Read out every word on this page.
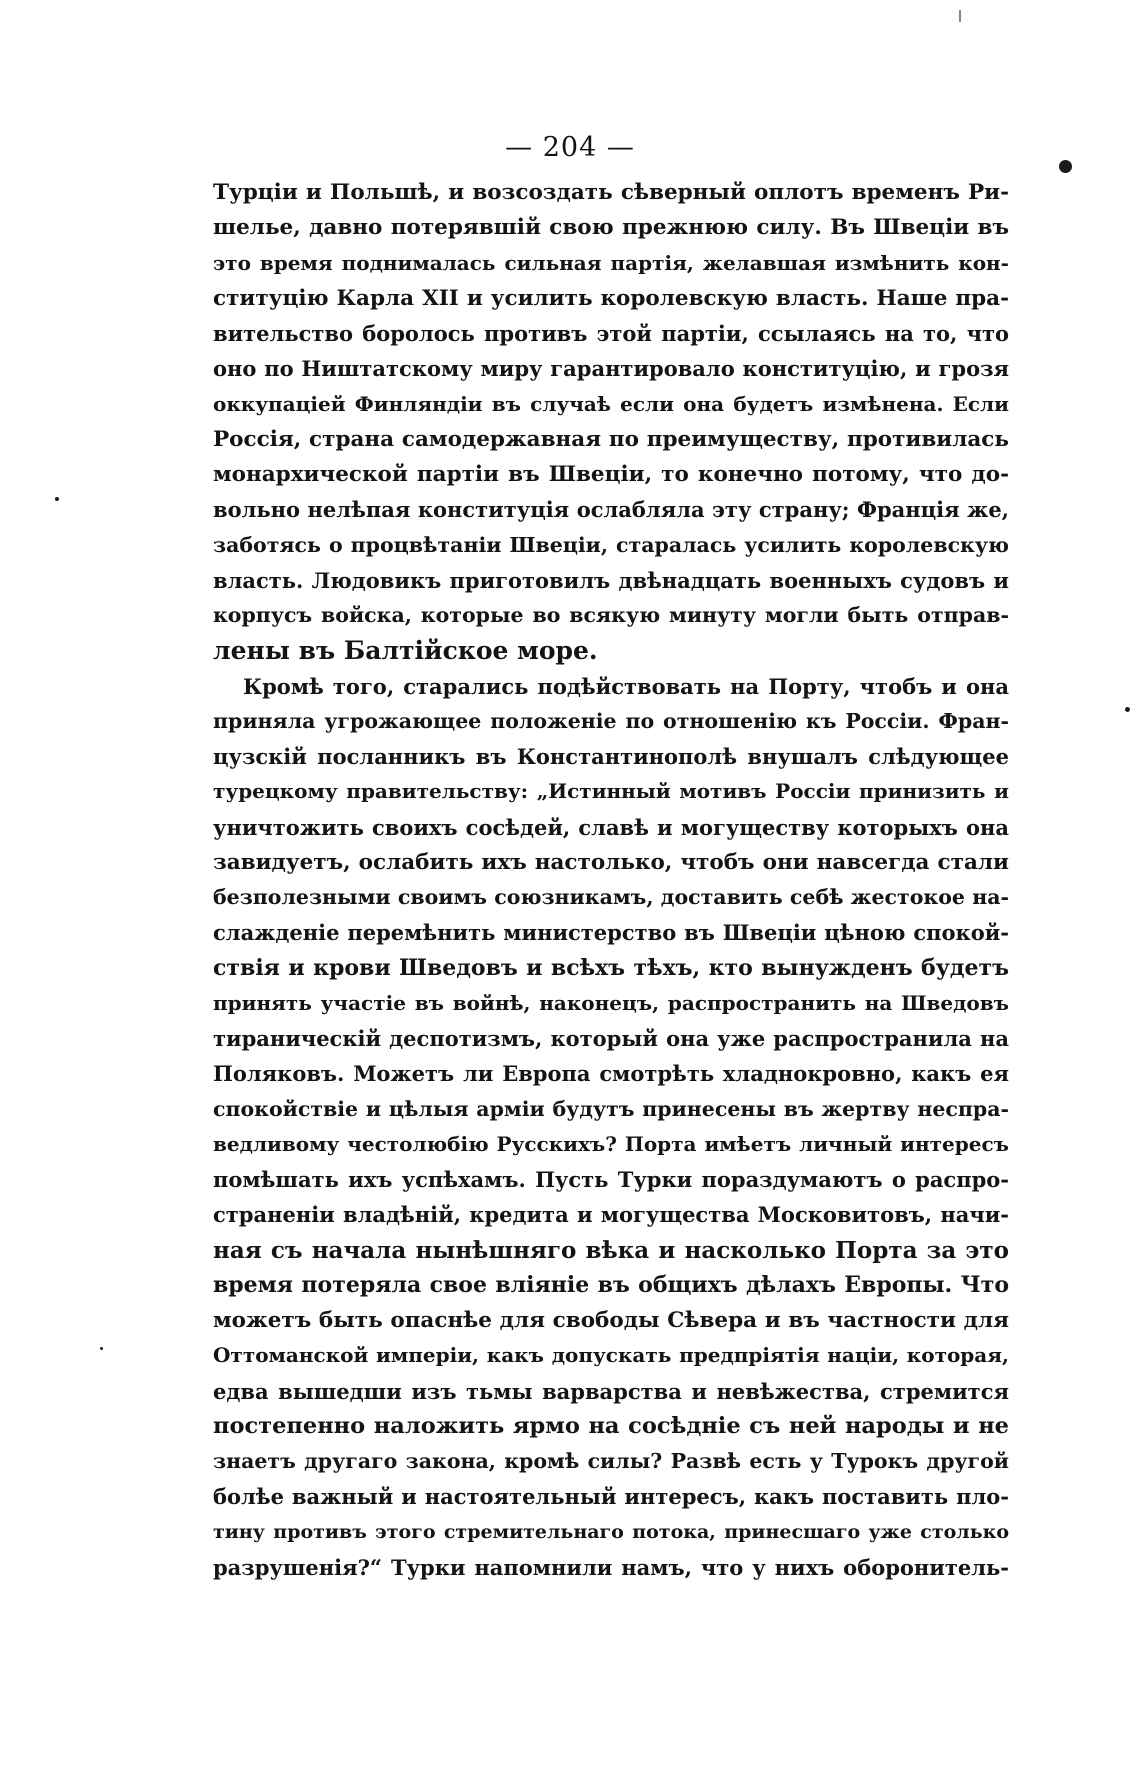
— 204 —
Турціи и Польшѣ, и возсоздать сѣверный оплотъ временъ Ри-
шелье, давно потерявшій свою прежнюю силу. Въ Швеціи въ
это время поднималась сильная партія, желавшая измѣнить кон-
ституцію Карла XII и усилить королевскую власть. Наше пра-
вительство боролось противъ этой партіи, ссылаясь на то, что
оно по Ништатскому миру гарантировало конституцію, и грозя
оккупаціей Финляндіи въ случаѣ если она будетъ измѣнена. Если
Россія, страна самодержавная по преимуществу, противилась
монархической партіи въ Швеціи, то конечно потому, что до-
вольно нелѣпая конституція ослабляла эту страну; Франція же,
заботясь о процвѣтаніи Швеціи, старалась усилить королевскую
власть. Людовикъ приготовилъ двѣнадцать военныхъ судовъ и
корпусъ войска, которые во всякую минуту могли быть отправ-
лены въ Балтійское море.
Кромѣ того, старались подѣйствовать на Порту, чтобъ и она
приняла угрожающее положеніе по отношенію къ Россіи. Фран-
цузскій посланникъ въ Константинополѣ внушалъ слѣдующее
турецкому правительству: „Истинный мотивъ Россіи принизить и
уничтожить своихъ сосѣдей, славѣ и могуществу которыхъ она
завидуетъ, ослабить ихъ настолько, чтобъ они навсегда стали
безполезными своимъ союзникамъ, доставить себѣ жестокое на-
слажденіе перемѣнить министерство въ Швеціи цѣною спокой-
ствія и крови Шведовъ и всѣхъ тѣхъ, кто вынужденъ будетъ
принять участіе въ войнѣ, наконецъ, распространить на Шведовъ
тираническій деспотизмъ, который она уже распространила на
Поляковъ. Можетъ ли Европа смотрѣть хладнокровно, какъ ея
спокойствіе и цѣлыя арміи будутъ принесены въ жертву неспра-
ведливому честолюбію Русскихъ? Порта имѣетъ личный интересъ
помѣшать ихъ успѣхамъ. Пусть Турки пораздумаютъ о распро-
страненіи владѣній, кредита и могущества Московитовъ, начи-
ная съ начала нынѣшняго вѣка и насколько Порта за это
время потеряла свое вліяніе въ общихъ дѣлахъ Европы. Что
можетъ быть опаснѣе для свободы Сѣвера и въ частности для
Оттоманской имперіи, какъ допускать предпріятія націи, которая,
едва вышедши изъ тьмы варварства и невѣжества, стремится
постепенно наложить ярмо на сосѣдніе съ ней народы и не
знаетъ другаго закона, кромѣ силы? Развѣ есть у Турокъ другой
болѣе важный и настоятельный интересъ, какъ поставить пло-
тину противъ этого стремительнаго потока, принесшаго уже столько
разрушенія?“ Турки напомнили намъ, что у нихъ оборонитель-
